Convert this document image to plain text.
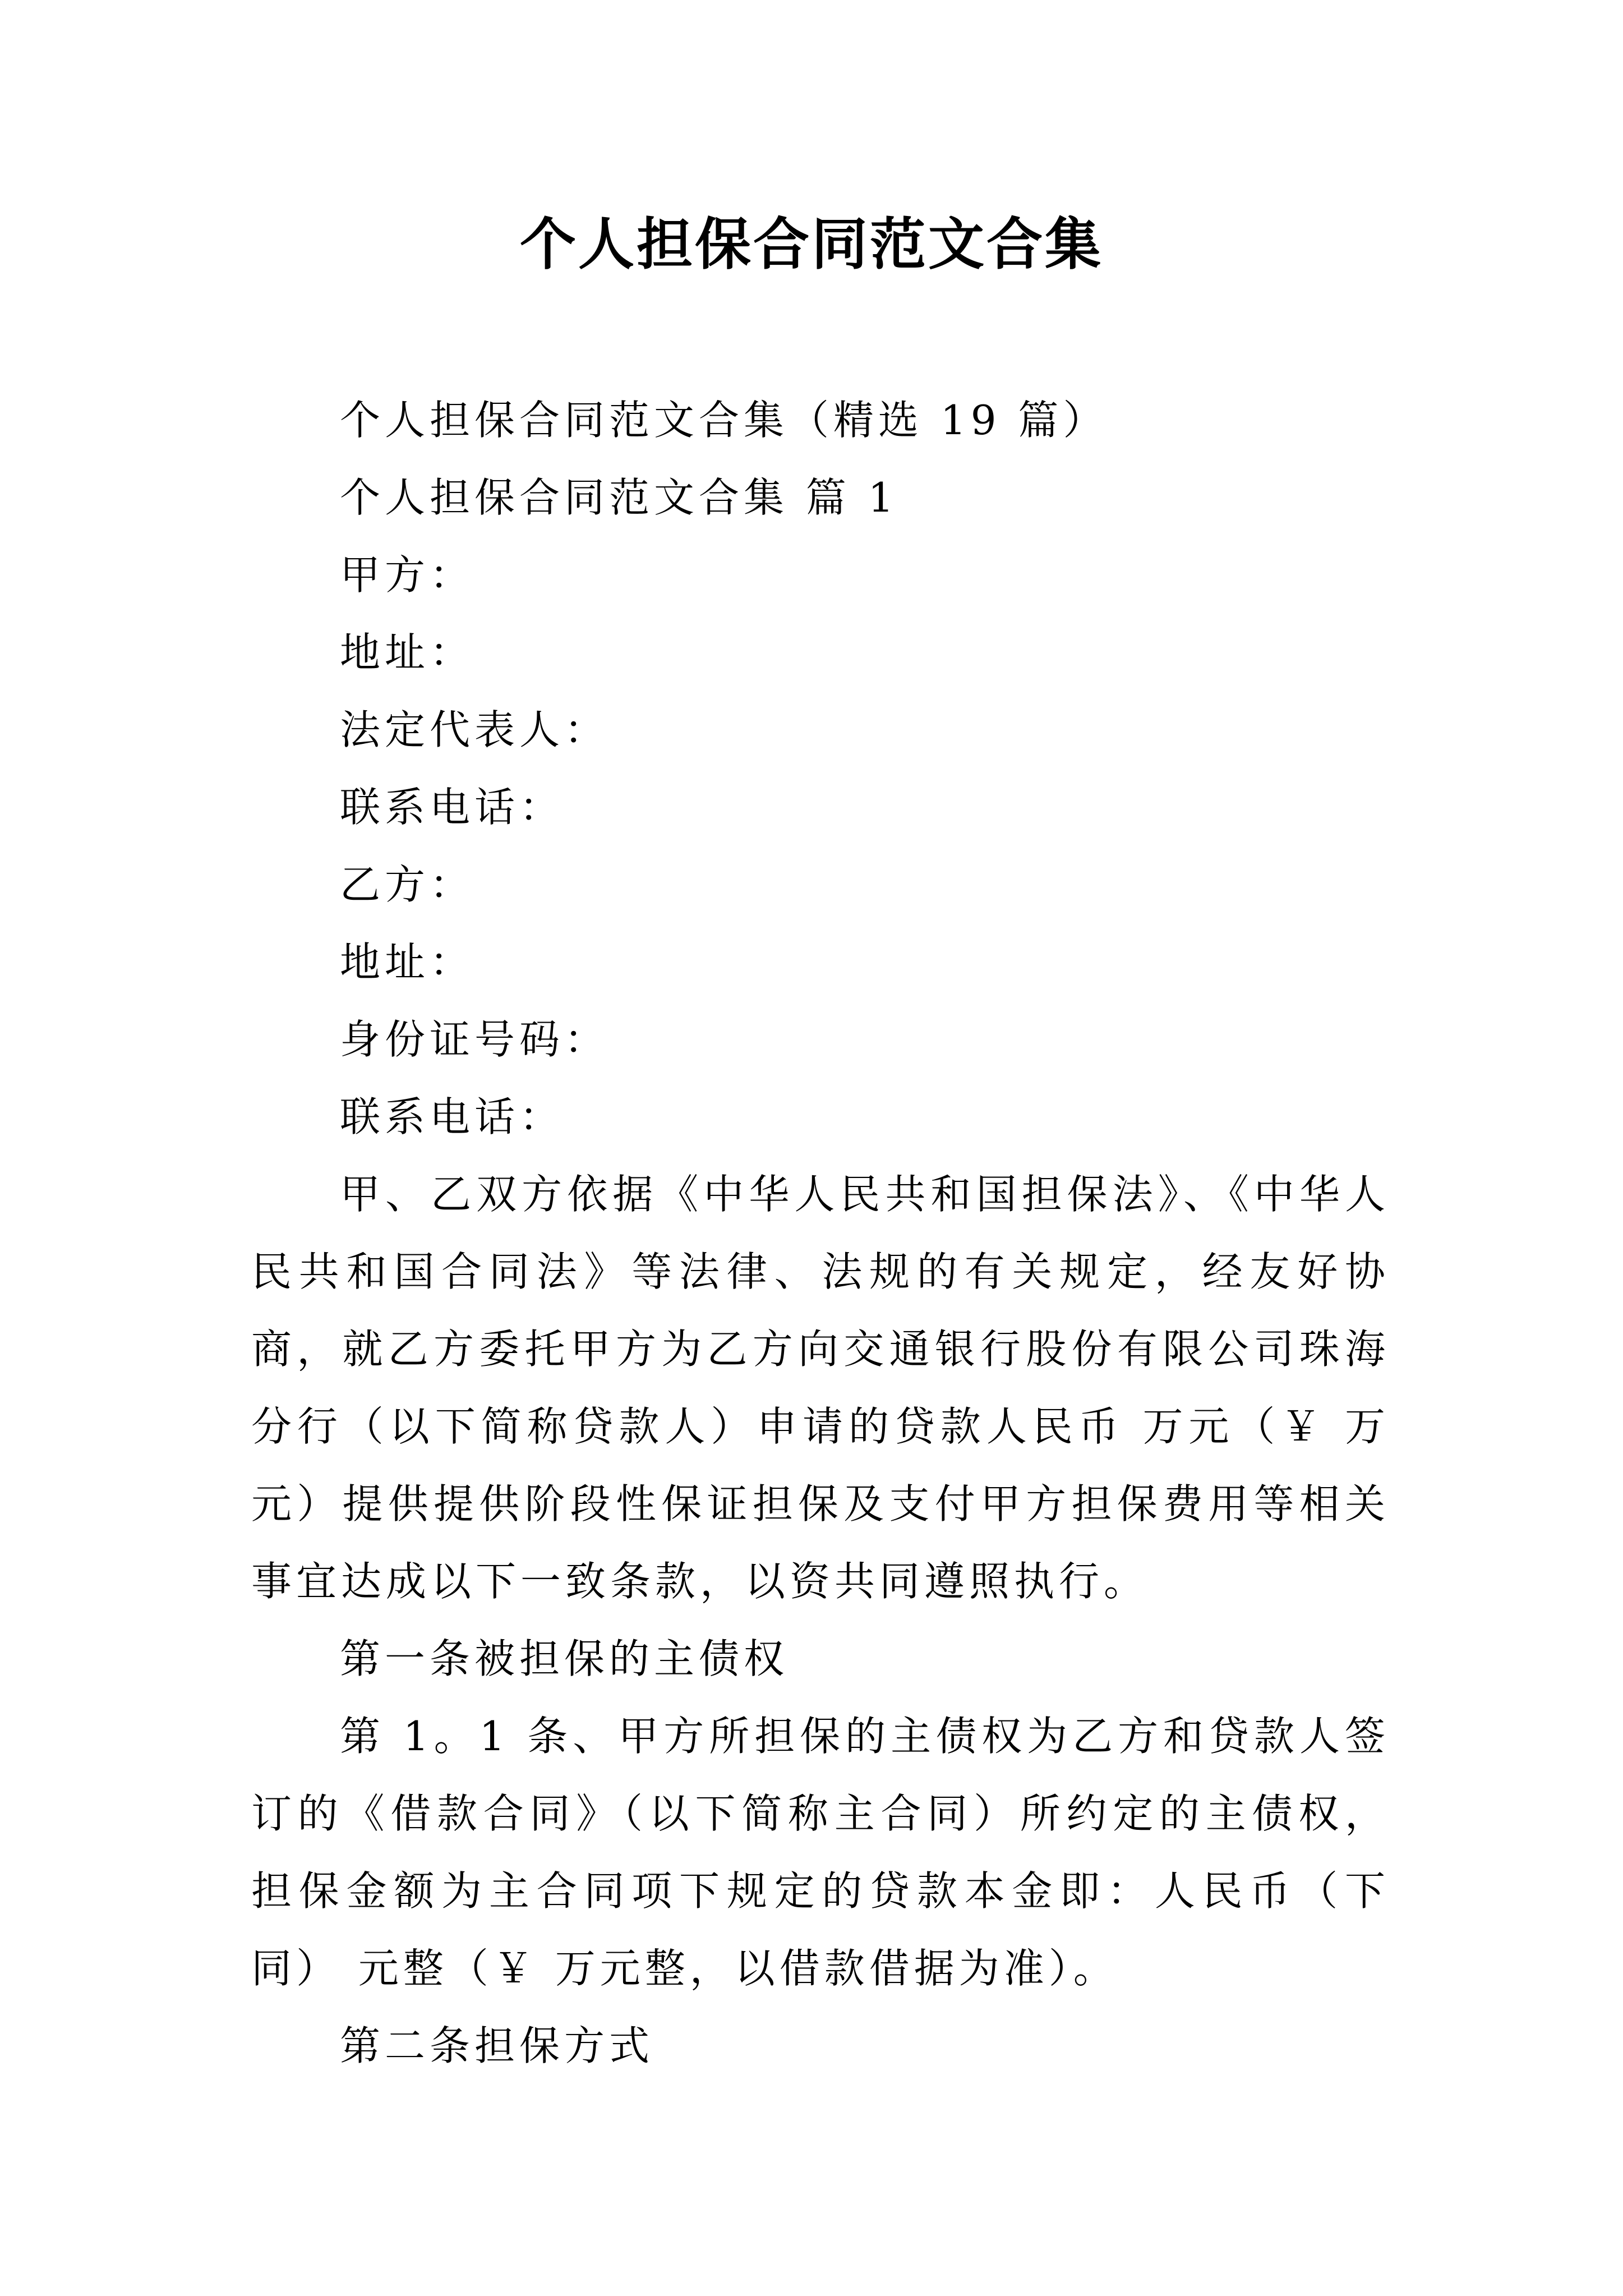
个人担保合同范文合集
个人担保合同范文合集（精选 19 篇）
个人担保合同范文合集 篇 1
甲方：
地址：
法定代表人：
联系电话：
乙方：
地址：
身份证号码：
联系电话：
甲、乙双方依据《中华人民共和国担保法》、《中华人民共和国合同法》等法律、法规的有关规定，经友好协商，就乙方委托甲方为乙方向交通银行股份有限公司珠海分行（以下简称贷款人）申请的贷款人民币 万元（￥ 万元）提供提供阶段性保证担保及支付甲方担保费用等相关事宜达成以下一致条款，以资共同遵照执行。
第一条被担保的主债权
第 1。1 条、甲方所担保的主债权为乙方和贷款人签订的《借款合同》（以下简称主合同）所约定的主债权，担保金额为主合同项下规定的贷款本金即：人民币（下同） 元整（￥ 万元整，以借款借据为准）。
第二条担保方式
